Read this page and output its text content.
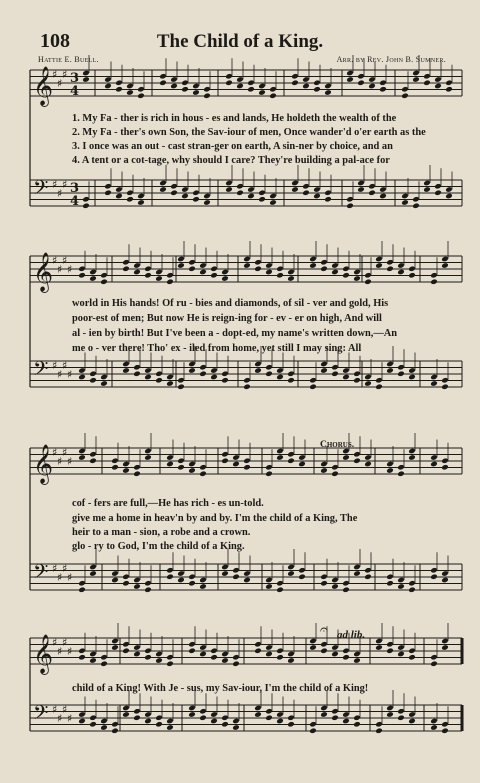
108	The Child of a King.
Hattie E. Buell.	Arr. by Rev. John B. Sumner.
𝄞
♯
♯
♯ 3
4
𝄢 ♯
♯
♯ 3
4
𝄞
♯
♯
♯
♯
𝄢 ♯
♯
♯
♯
𝄞
♯
♯
♯
♯
𝄢 ♯
♯
♯
♯
𝄞
♯
♯
♯
♯
𝄢 ♯
♯
♯
♯
1. My Fa - ther is rich in hous - es and lands, He holdeth the wealth of the
2. My Fa - ther's own Son, the Sav-iour of men, Once wander'd o'er earth as the
3. I once was an out - cast stran-ger on earth, A sin-ner by choice, and an
4. A tent or a cot-tage, why should I care? They're building a pal-ace for
world in His hands! Of ru - bies and diamonds, of sil - ver and gold, His
poor-est of men; But now He is reign-ing for - ev - er on high, And will
al - ien by birth! But I've been a - dopt-ed, my name's written down,—An
me o - ver there! Tho' ex - iled from home, yet still I may sing: All
Chorus.
cof - fers are full,—He has rich - es un-told.
give me a home in heav'n by and by. I'm the child of a King, The
heir to a man - sion, a robe and a crown.
glo - ry to God, I'm the child of a King.
𝄐 ad lib.
child of a King! With Je - sus, my Sav-iour, I'm the child of a King!
